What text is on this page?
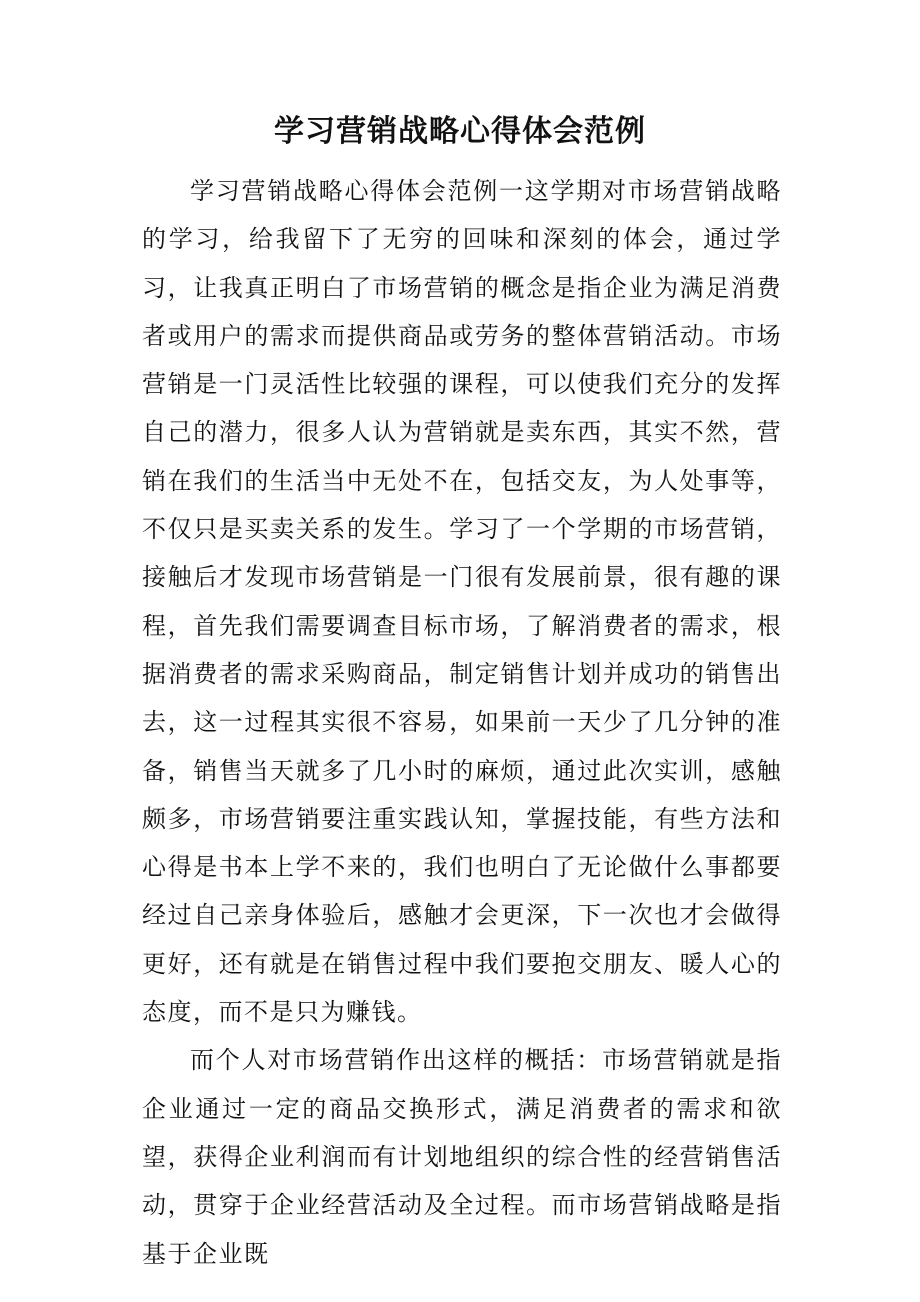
学习营销战略心得体会范例

学习营销战略心得体会范例一这学期对市场营销战略的学习，给我留下了无穷的回味和深刻的体会，通过学习，让我真正明白了市场营销的概念是指企业为满足消费者或用户的需求而提供商品或劳务的整体营销活动。市场营销是一门灵活性比较强的课程，可以使我们充分的发挥自己的潜力，很多人认为营销就是卖东西，其实不然，营销在我们的生活当中无处不在，包括交友，为人处事等，不仅只是买卖关系的发生。学习了一个学期的市场营销，接触后才发现市场营销是一门很有发展前景，很有趣的课程，首先我们需要调查目标市场，了解消费者的需求，根据消费者的需求采购商品，制定销售计划并成功的销售出去，这一过程其实很不容易，如果前一天少了几分钟的准备，销售当天就多了几小时的麻烦，通过此次实训，感触颇多，市场营销要注重实践认知，掌握技能，有些方法和心得是书本上学不来的，我们也明白了无论做什么事都要经过自己亲身体验后，感触才会更深，下一次也才会做得更好，还有就是在销售过程中我们要抱交朋友、暖人心的态度，而不是只为赚钱。

而个人对市场营销作出这样的概括：市场营销就是指企业通过一定的商品交换形式，满足消费者的需求和欲望，获得企业利润而有计划地组织的综合性的经营销售活动，贯穿于企业经营活动及全过程。而市场营销战略是指基于企业既
